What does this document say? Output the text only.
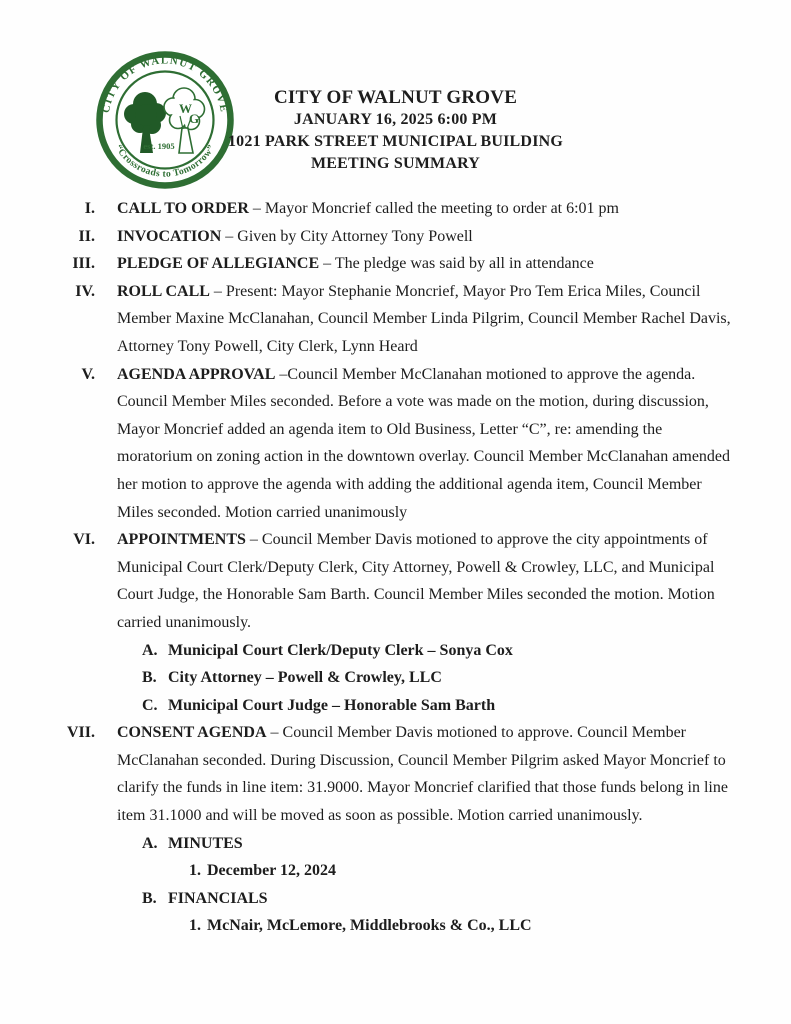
CITY OF WALNUT GROVE
“Crossroads to Tomorrow”
W
G
est. 1905
CITY OF WALNUT GROVE
JANUARY 16, 2025 6:00 PM
1021 PARK STREET MUNICIPAL BUILDING
MEETING SUMMARY
I. CALL TO ORDER – Mayor Moncrief called the meeting to order at 6:01 pm
II. INVOCATION – Given by City Attorney Tony Powell
III. PLEDGE OF ALLEGIANCE – The pledge was said by all in attendance
IV. ROLL CALL – Present: Mayor Stephanie Moncrief, Mayor Pro Tem Erica Miles, Council Member Maxine McClanahan, Council Member Linda Pilgrim, Council Member Rachel Davis, Attorney Tony Powell, City Clerk, Lynn Heard
V. AGENDA APPROVAL –Council Member McClanahan motioned to approve the agenda. Council Member Miles seconded. Before a vote was made on the motion, during discussion, Mayor Moncrief added an agenda item to Old Business, Letter “C”, re: amending the moratorium on zoning action in the downtown overlay. Council Member McClanahan amended her motion to approve the agenda with adding the additional agenda item, Council Member Miles seconded. Motion carried unanimously
VI. APPOINTMENTS – Council Member Davis motioned to approve the city appointments of Municipal Court Clerk/Deputy Clerk, City Attorney, Powell & Crowley, LLC, and Municipal Court Judge, the Honorable Sam Barth. Council Member Miles seconded the motion. Motion carried unanimously.
A. Municipal Court Clerk/Deputy Clerk – Sonya Cox
B. City Attorney – Powell & Crowley, LLC
C. Municipal Court Judge – Honorable Sam Barth
VII. CONSENT AGENDA – Council Member Davis motioned to approve. Council Member McClanahan seconded. During Discussion, Council Member Pilgrim asked Mayor Moncrief to clarify the funds in line item: 31.9000. Mayor Moncrief clarified that those funds belong in line item 31.1000 and will be moved as soon as possible. Motion carried unanimously.
A. MINUTES
1. December 12, 2024
B. FINANCIALS
1. McNair, McLemore, Middlebrooks & Co., LLC
